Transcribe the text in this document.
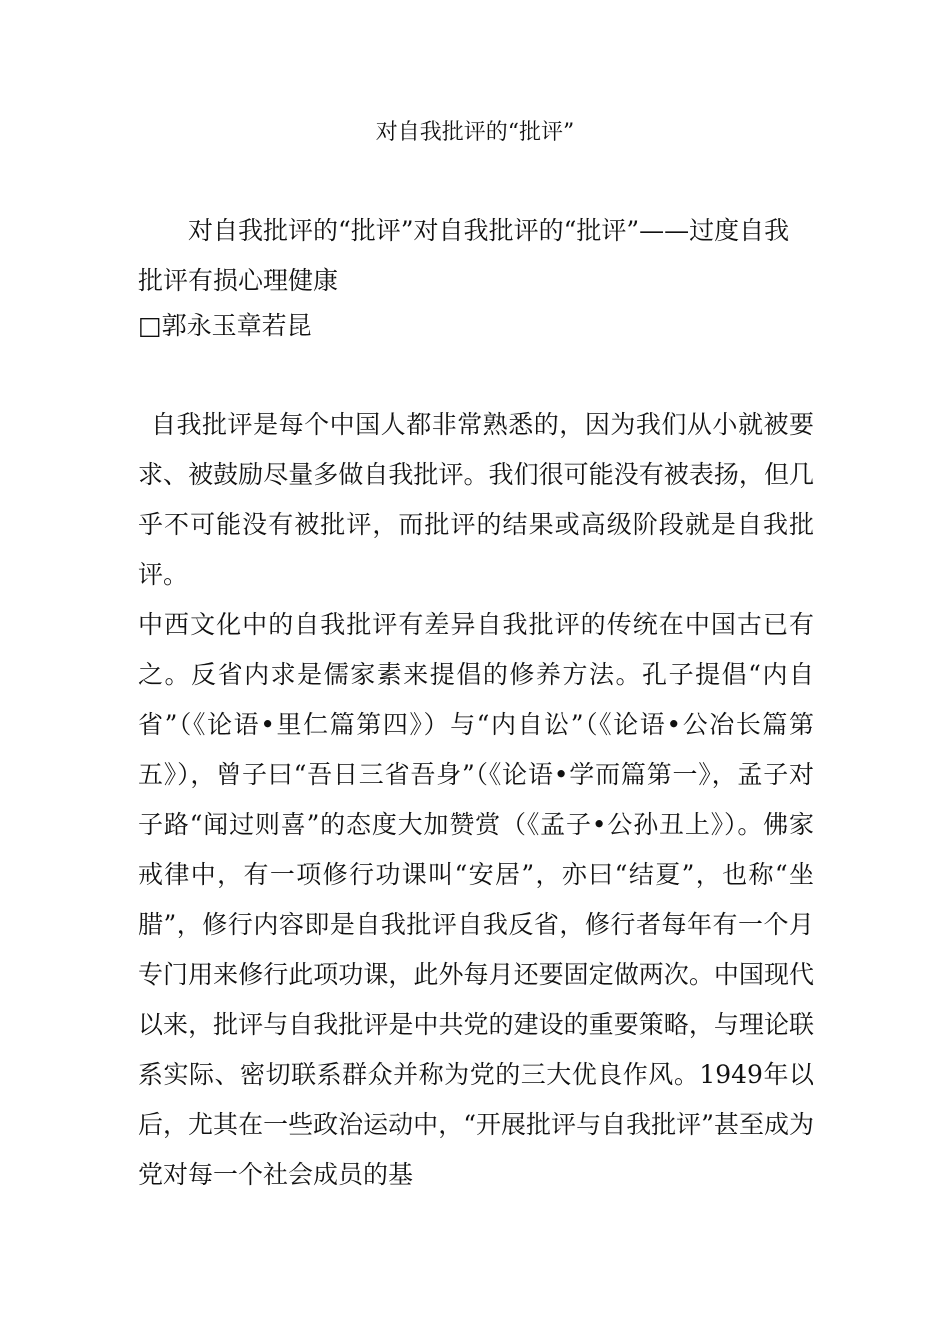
对自我批评的“批评”
对自我批评的“批评”对自我批评的“批评”——过度自我批评有损心理健康
□郭永玉章若昆

自我批评是每个中国人都非常熟悉的，因为我们从小就被要求、被鼓励尽量多做自我批评。我们很可能没有被表扬，但几乎不可能没有被批评，而批评的结果或高级阶段就是自我批评。

中西文化中的自我批评有差异自我批评的传统在中国古已有之。反省内求是儒家素来提倡的修养方法。孔子提倡“内自省”（《论语•里仁篇第四》）与“内自讼”（《论语•公冶长篇第五》），曾子曰“吾日三省吾身”（《论语•学而篇第一》，孟子对子路“闻过则喜”的态度大加赞赏（《孟子•公孙丑上》）。佛家戒律中，有一项修行功课叫“安居”，亦曰“结夏”，也称“坐腊”，修行内容即是自我批评自我反省，修行者每年有一个月专门用来修行此项功课，此外每月还要固定做两次。中国现代以来，批评与自我批评是中共党的建设的重要策略，与理论联系实际、密切联系群众并称为党的三大优良作风。1949年以后，尤其在一些政治运动中，“开展批评与自我批评”甚至成为党对每一个社会成员的基
